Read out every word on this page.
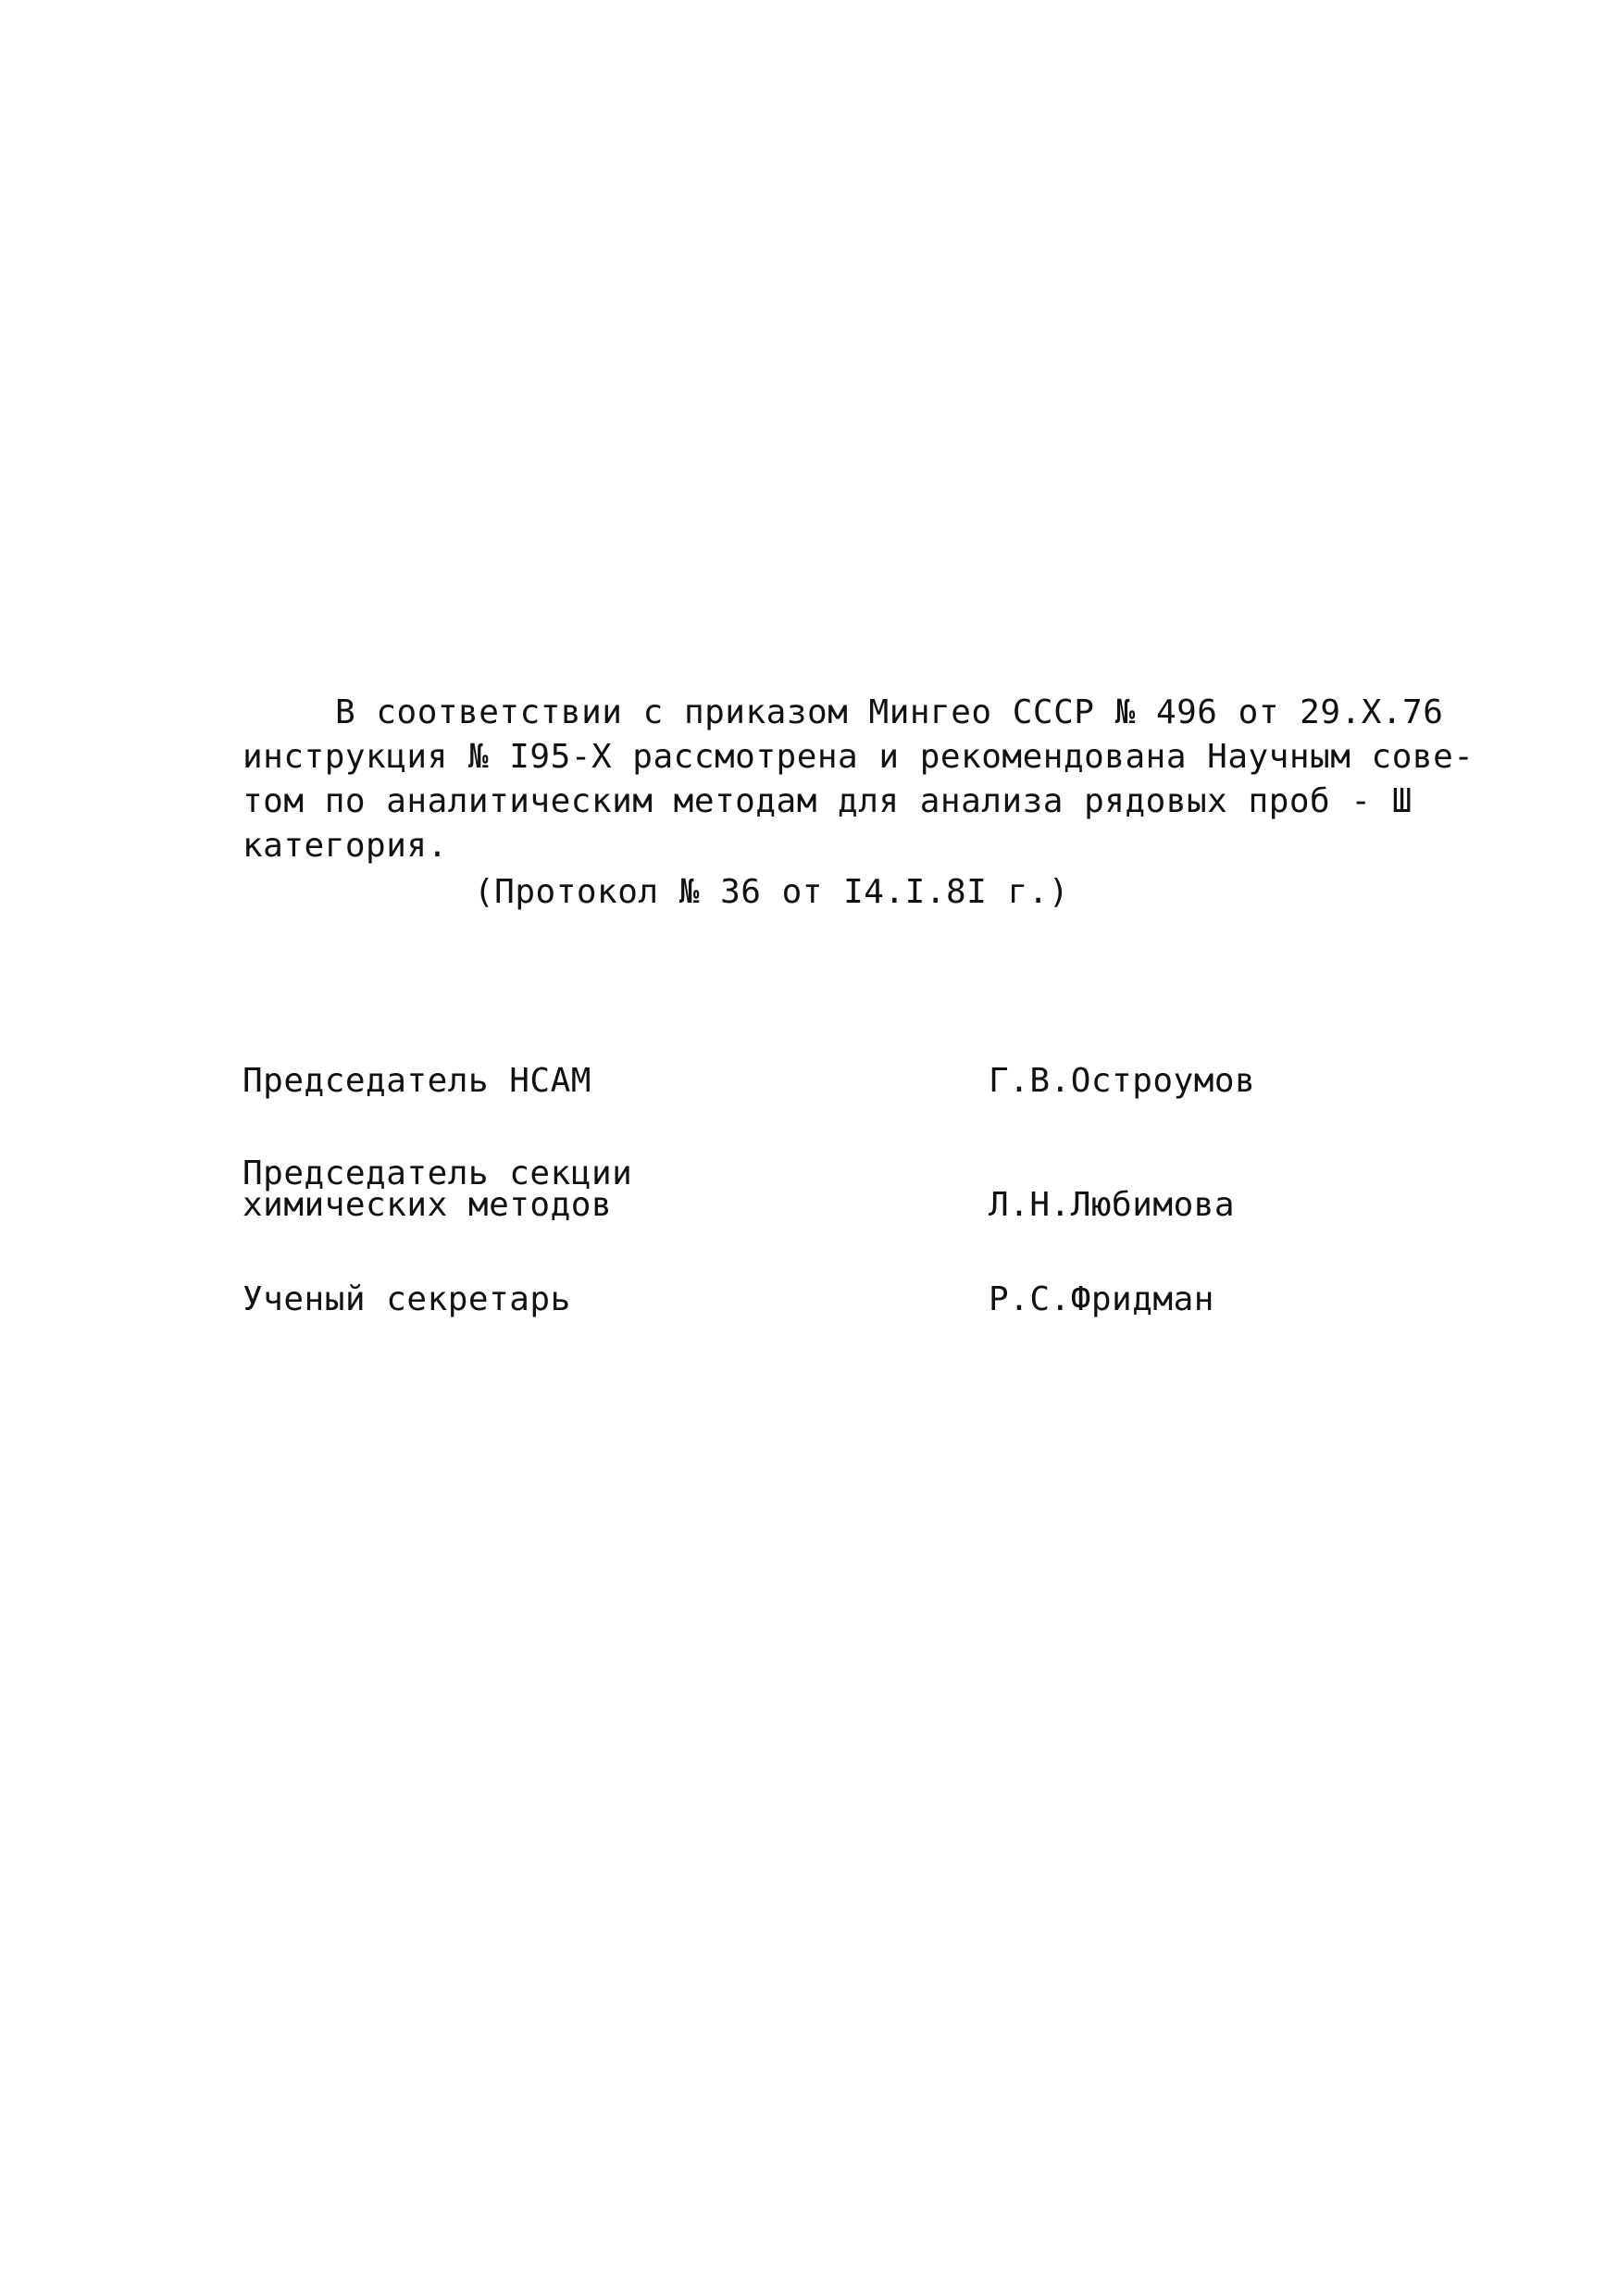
В соответствии с приказом Мингео СССР № 496 от 29.Х.76
инструкция № I95-Х рассмотрена и рекомендована Научным сове-
том по аналитическим методам для анализа рядовых проб - Ш
категория.
(Протокол № 36 от I4.I.8I г.)
Председатель НСАМ	Г.В.Остроумов
Председатель секции
химических методов	Л.Н.Любимова
Ученый секретарь	Р.С.Фридман
